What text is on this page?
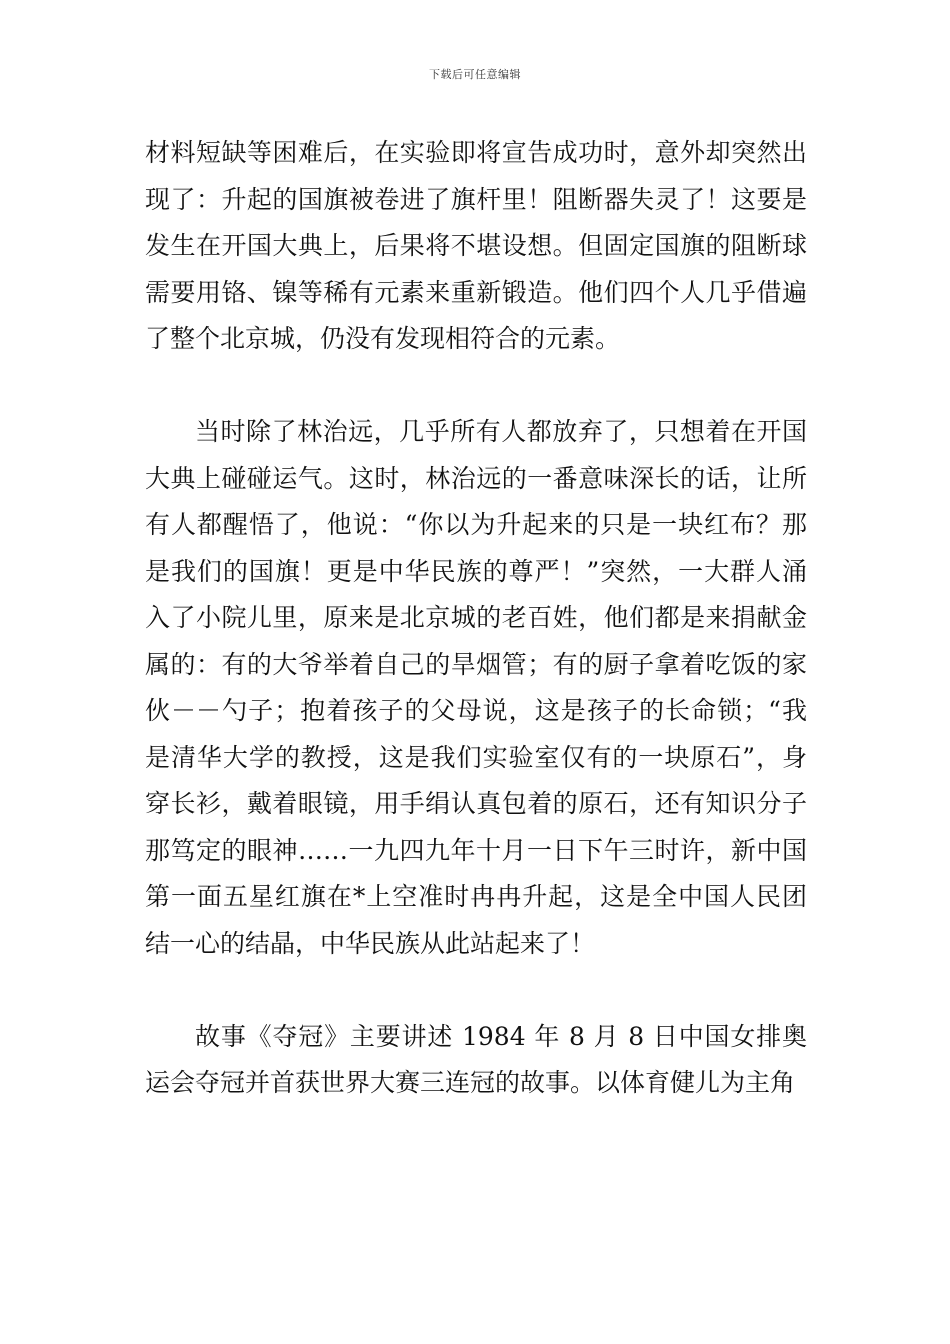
下载后可任意编辑

材料短缺等困难后，在实验即将宣告成功时，意外却突然出现了：升起的国旗被卷进了旗杆里！阻断器失灵了！这要是发生在开国大典上，后果将不堪设想。但固定国旗的阻断球需要用铬、镍等稀有元素来重新锻造。他们四个人几乎借遍了整个北京城，仍没有发现相符合的元素。

当时除了林治远，几乎所有人都放弃了，只想着在开国大典上碰碰运气。这时，林治远的一番意味深长的话，让所有人都醒悟了，他说：“你以为升起来的只是一块红布？那是我们的国旗！更是中华民族的尊严！”突然，一大群人涌入了小院儿里，原来是北京城的老百姓，他们都是来捐献金属的：有的大爷举着自己的旱烟管；有的厨子拿着吃饭的家伙－－勺子；抱着孩子的父母说，这是孩子的长命锁；“我是清华大学的教授，这是我们实验室仅有的一块原石”，身穿长衫，戴着眼镜，用手绢认真包着的原石，还有知识分子那笃定的眼神……一九四九年十月一日下午三时许，新中国第一面五星红旗在*上空准时冉冉升起，这是全中国人民团结一心的结晶，中华民族从此站起来了！

故事《夺冠》主要讲述 1984 年 8 月 8 日中国女排奥运会夺冠并首获世界大赛三连冠的故事。以体育健儿为主角
